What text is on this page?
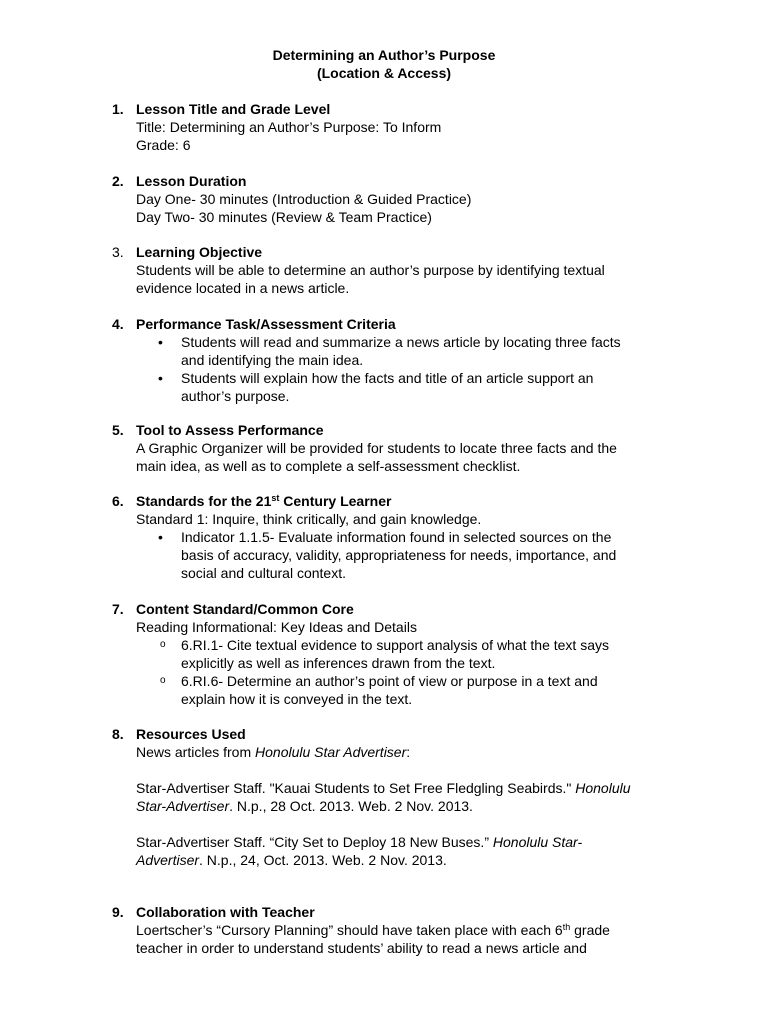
Determining an Author’s Purpose
(Location & Access)
1. Lesson Title and Grade Level
Title: Determining an Author’s Purpose: To Inform
Grade: 6
2. Lesson Duration
Day One- 30 minutes (Introduction & Guided Practice)
Day Two- 30 minutes (Review & Team Practice)
3. Learning Objective
Students will be able to determine an author’s purpose by identifying textual
evidence located in a news article.
4. Performance Task/Assessment Criteria
• Students will read and summarize a news article by locating three facts
and identifying the main idea.
• Students will explain how the facts and title of an article support an
author’s purpose.
5. Tool to Assess Performance
A Graphic Organizer will be provided for students to locate three facts and the
main idea, as well as to complete a self-assessment checklist.
6. Standards for the 21st Century Learner
Standard 1: Inquire, think critically, and gain knowledge.
• Indicator 1.1.5- Evaluate information found in selected sources on the
basis of accuracy, validity, appropriateness for needs, importance, and
social and cultural context.
7. Content Standard/Common Core
Reading Informational: Key Ideas and Details
o 6.RI.1- Cite textual evidence to support analysis of what the text says
explicitly as well as inferences drawn from the text.
o 6.RI.6- Determine an author’s point of view or purpose in a text and
explain how it is conveyed in the text.
8. Resources Used
News articles from Honolulu Star Advertiser:
Star-Advertiser Staff. "Kauai Students to Set Free Fledgling Seabirds." Honolulu
Star-Advertiser. N.p., 28 Oct. 2013. Web. 2 Nov. 2013.
Star-Advertiser Staff. “City Set to Deploy 18 New Buses.” Honolulu Star-
Advertiser. N.p., 24, Oct. 2013. Web. 2 Nov. 2013.
9. Collaboration with Teacher
Loertscher’s “Cursory Planning” should have taken place with each 6th grade
teacher in order to understand students’ ability to read a news article and
